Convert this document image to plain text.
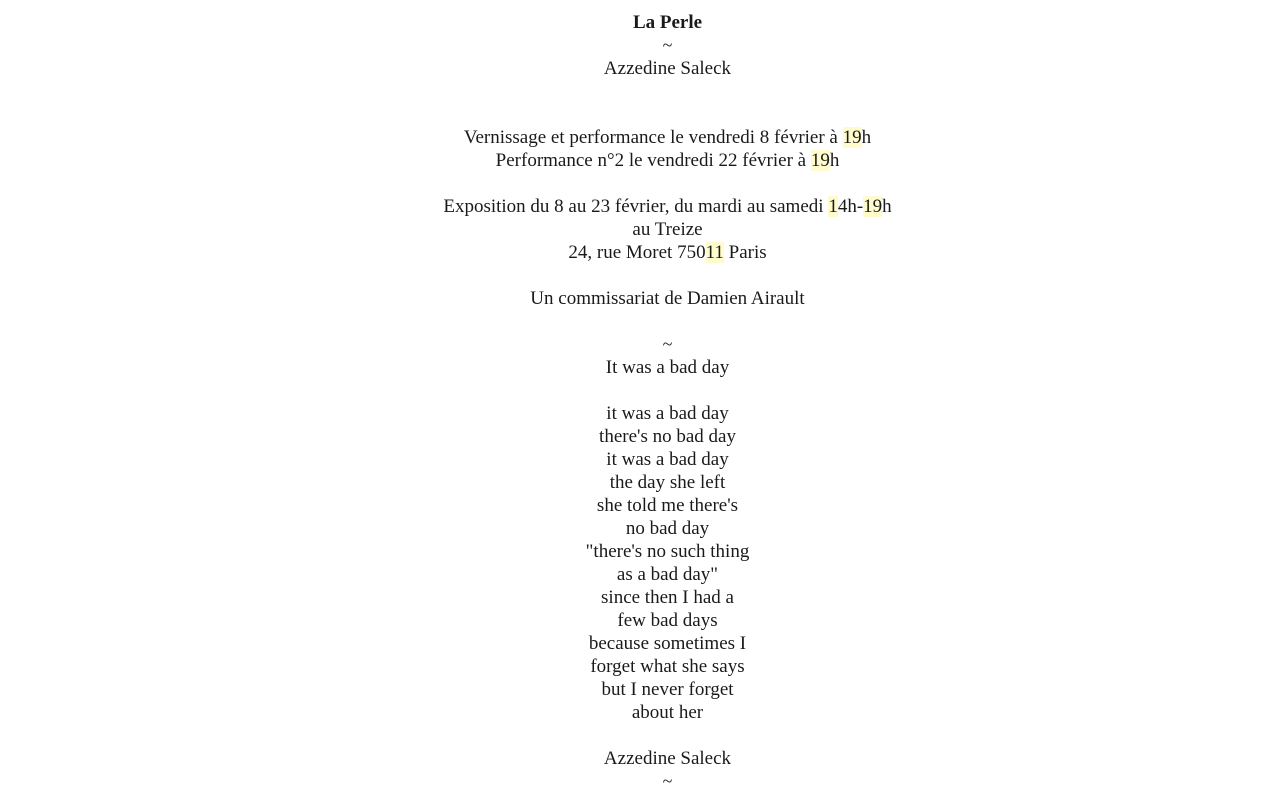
La Perle
~
Azzedine Saleck
Vernissage et performance le vendredi 8 février à 19h
Performance n°2 le vendredi 22 février à 19h
Exposition du 8 au 23 février, du mardi au samedi 14h-19h
au Treize
24, rue Moret 75011 Paris
Un commissariat de Damien Airault
~
It was a bad day
it was a bad day
there's no bad day
it was a bad day
the day she left
she told me there's
no bad day
"there's no such thing
as a bad day"
since then I had a
few bad days
because sometimes I
forget what she says
but I never forget
about her
Azzedine Saleck
~
